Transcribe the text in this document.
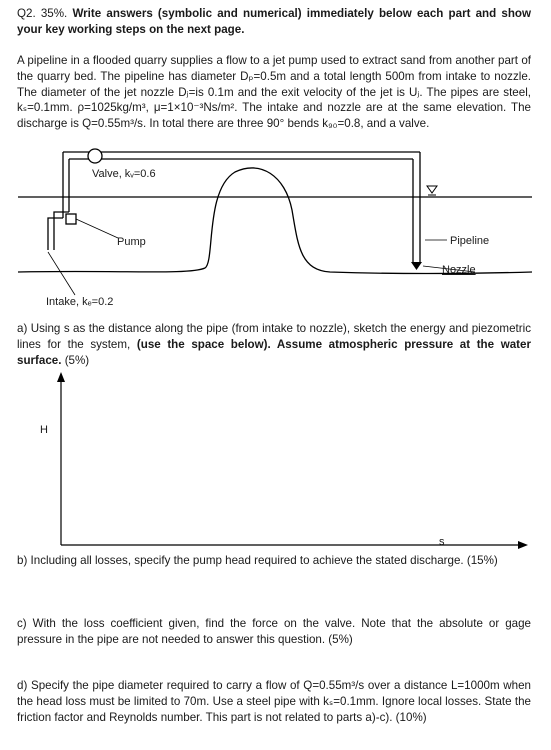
Q2. 35%. Write answers (symbolic and numerical) immediately below each part and show your key working steps on the next page.

A pipeline in a flooded quarry supplies a flow to a jet pump used to extract sand from another part of the quarry bed. The pipeline has diameter Dₚ=0.5m and a total length 500m from intake to nozzle. The diameter of the jet nozzle Dⱼ=is 0.1m and the exit velocity of the jet is Uⱼ. The pipes are steel, kₛ=0.1mm. ρ=1025kg/m³, μ=1×10⁻³Ns/m². The intake and nozzle are at the same elevation. The discharge is Q=0.55m³/s. In total there are three 90° bends k₉₀=0.8, and a valve.

Valve, kᵥ=0.6
Pump	Pipeline
Nozzle
Intake, kₑ=0.2

a) Using s as the distance along the pipe (from intake to nozzle), sketch the energy and piezometric lines for the system, (use the space below). Assume atmospheric pressure at the water surface. (5%)

H
s

b) Including all losses, specify the pump head required to achieve the stated discharge. (15%)

c) With the loss coefficient given, find the force on the valve. Note that the absolute or gage pressure in the pipe are not needed to answer this question. (5%)

d) Specify the pipe diameter required to carry a flow of Q=0.55m³/s over a distance L=1000m when the head loss must be limited to 70m. Use a steel pipe with kₛ=0.1mm. Ignore local losses. State the friction factor and Reynolds number. This part is not related to parts a)-c). (10%)
